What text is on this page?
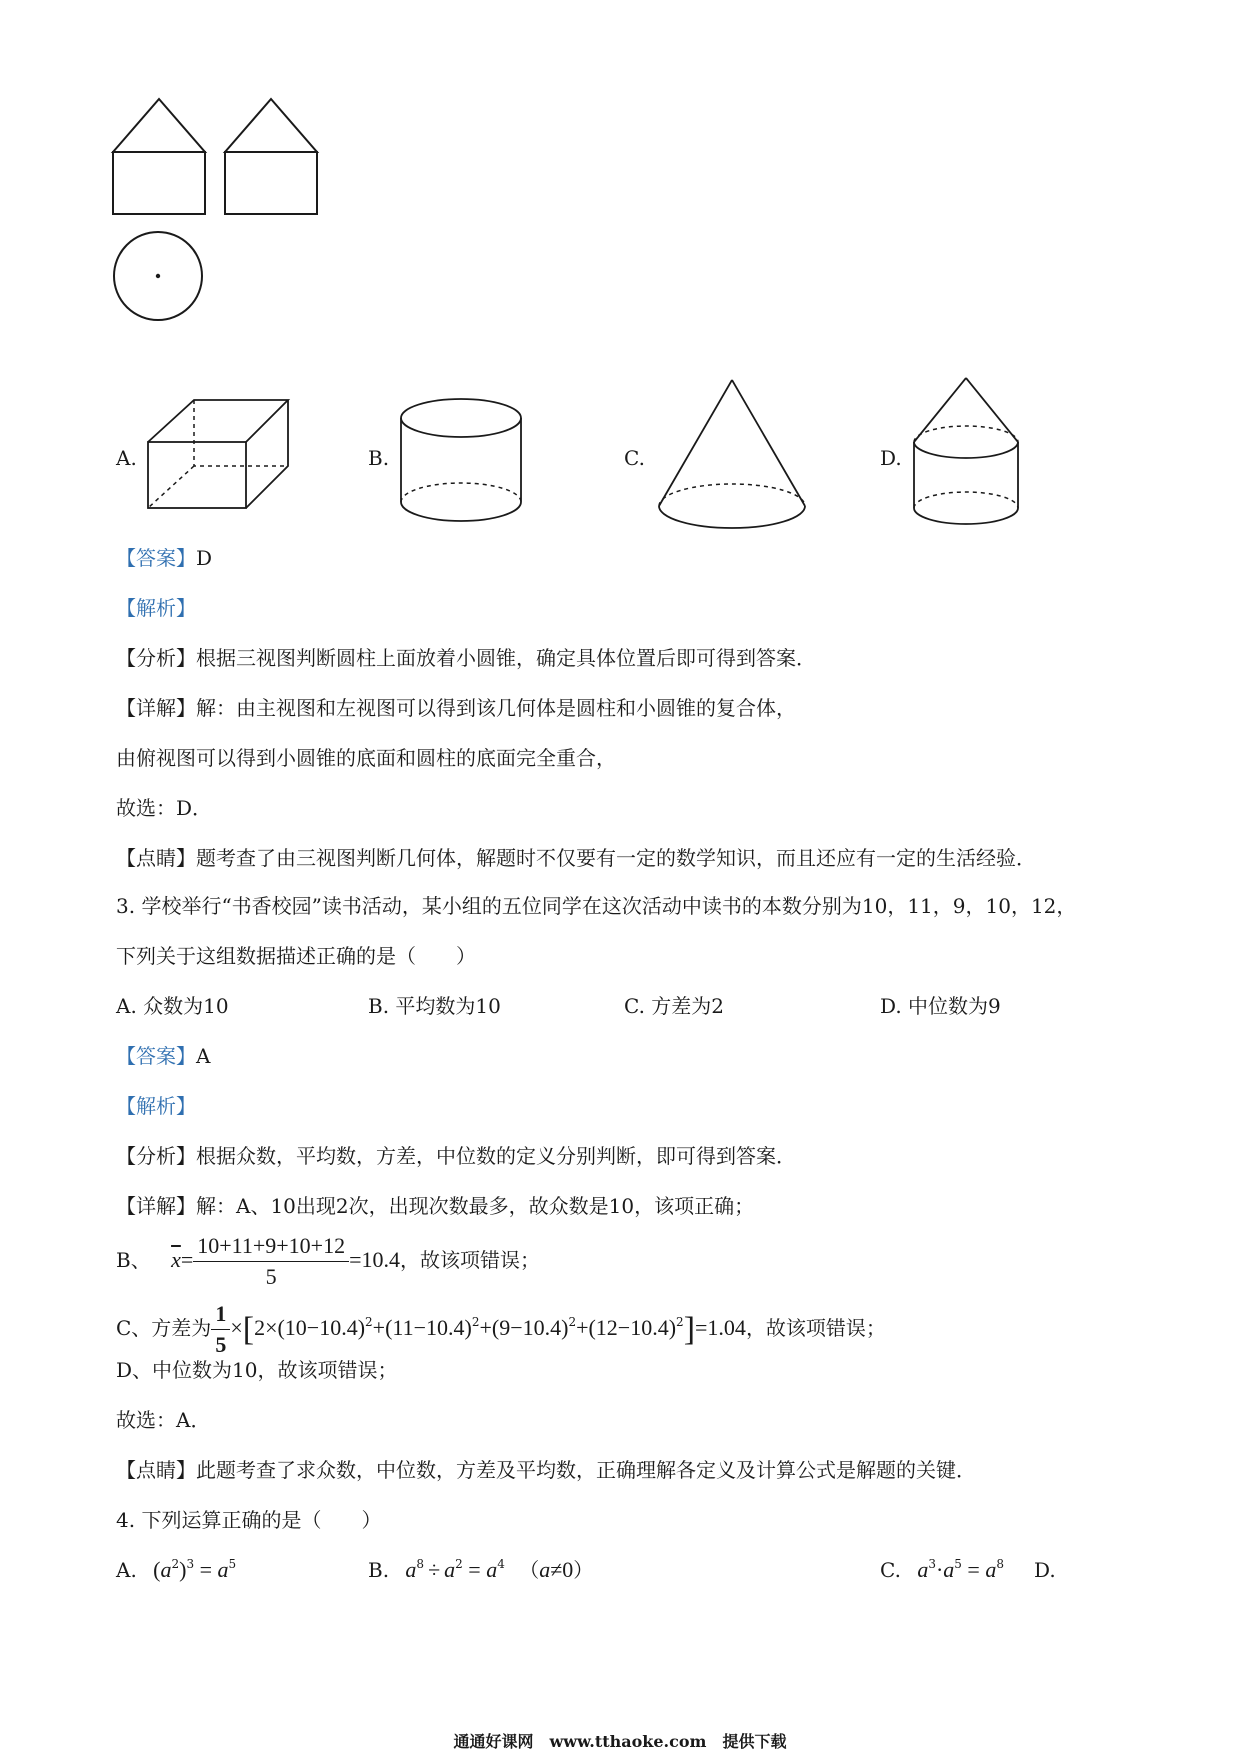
A.	B.	C.	D.
【答案】D
【解析】
【分析】根据三视图判断圆柱上面放着小圆锥，确定具体位置后即可得到答案．
【详解】解：由主视图和左视图可以得到该几何体是圆柱和小圆锥的复合体，
由俯视图可以得到小圆锥的底面和圆柱的底面完全重合，
故选：D．
【点睛】题考查了由三视图判断几何体，解题时不仅要有一定的数学知识，而且还应有一定的生活经验．
3. 学校举行“书香校园”读书活动，某小组的五位同学在这次活动中读书的本数分别为10，11，9，10，12，
下列关于这组数据描述正确的是（　　）
A. 众数为10	B. 平均数为10	C. 方差为2	D. 中位数为9
【答案】A
【解析】
【分析】根据众数，平均数，方差，中位数的定义分别判断，即可得到答案．
【详解】解：A、10出现2次，出现次数最多，故众数是10，该项正确；
B、 $\overline{x}= \frac{10+11+9+10+12}{5} =10.4$，故该项错误；
C、方差为 $\frac{1}{5} \times[2\times(10-10.4)^2+(11-10.4)^2+(9-10.4)^2+(12-10.4)^2]=1.04$，故该项错误；
D、中位数为10，故该项错误；
故选：A．
【点睛】此题考查了求众数，中位数，方差及平均数，正确理解各定义及计算公式是解题的关键．
4. 下列运算正确的是（　　）
A. $(a^2)^3 = a^5$	B. $a^8 \div a^2 = a^4$ （a≠0）	C. $a^3\cdot a^5 = a^8$ D.
通通好课网　www.tthaoke.com　提供下载
